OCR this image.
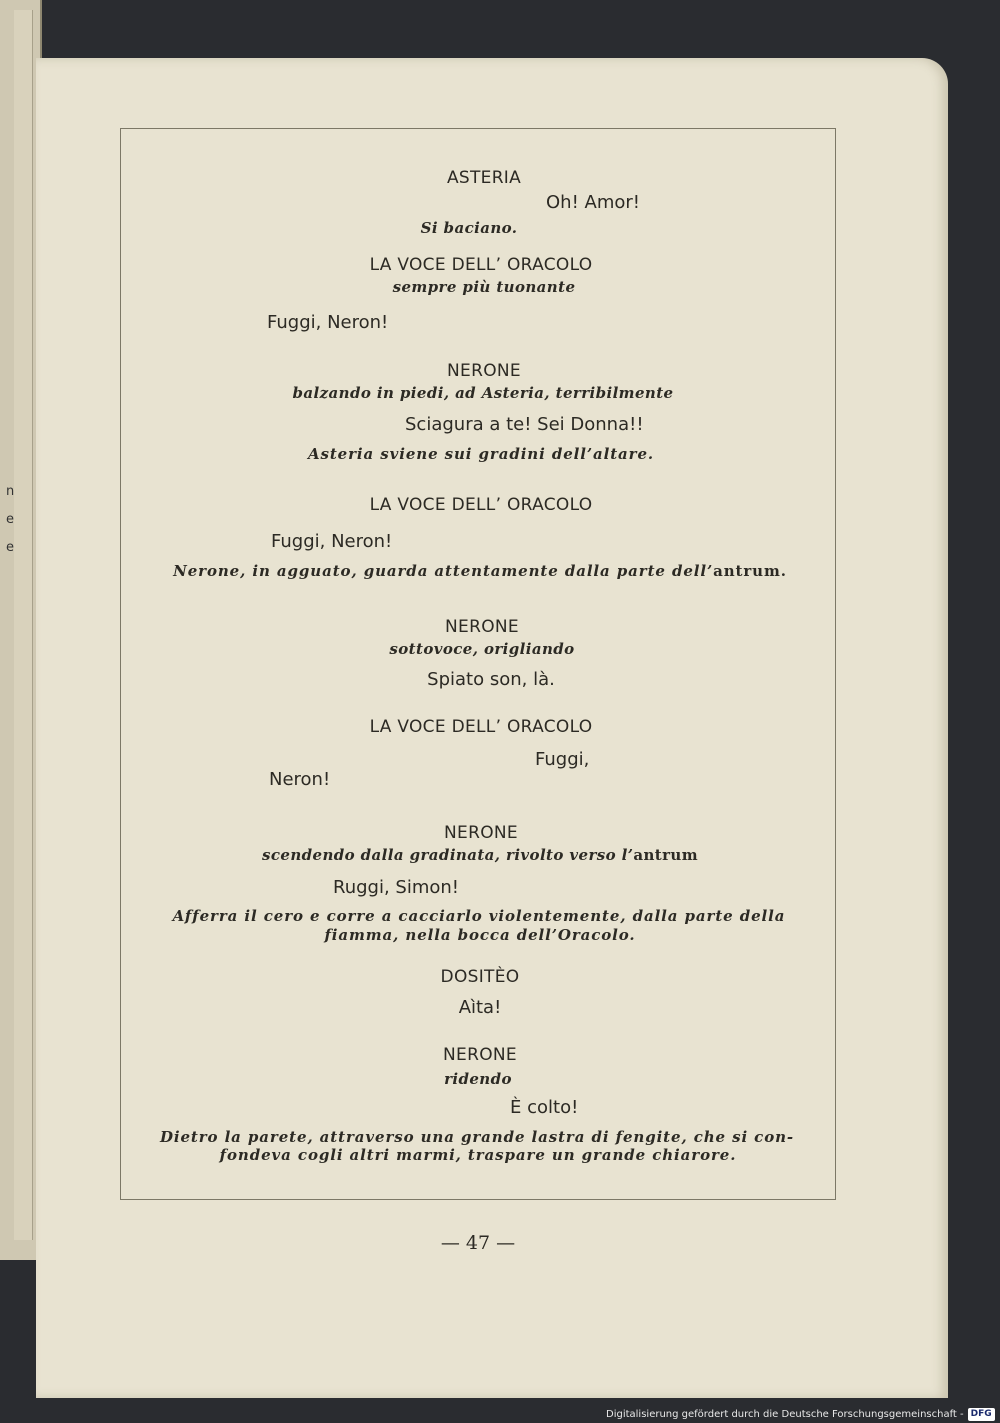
n
e
e
ASTERIA
Oh! Amor!
Si baciano.
LA VOCE DELL’ ORACOLO
sempre più tuonante
Fuggi, Neron!
NERONE
balzando in piedi, ad Asteria, terribilmente
Sciagura a te! Sei Donna!!
Asteria sviene sui gradini dell’altare.
LA VOCE DELL’ ORACOLO
Fuggi, Neron!
Nerone, in agguato, guarda attentamente dalla parte dell’antrum.
NERONE
sottovoce, origliando
Spiato son, là.
LA VOCE DELL’ ORACOLO
Fuggi,
Neron!
NERONE
scendendo dalla gradinata, rivolto verso l’antrum
Ruggi, Simon!
Afferra il cero e corre a cacciarlo violentemente, dalla parte della
fiamma, nella bocca dell’Oracolo.
DOSITÈO
Aìta!
NERONE
ridendo
È colto!
Dietro la parete, attraverso una grande lastra di fengite, che si con-
fondeva cogli altri marmi, traspare un grande chiarore.
— 47 —
Digitalisierung gefördert durch die Deutsche Forschungsgemeinschaft - DFG
